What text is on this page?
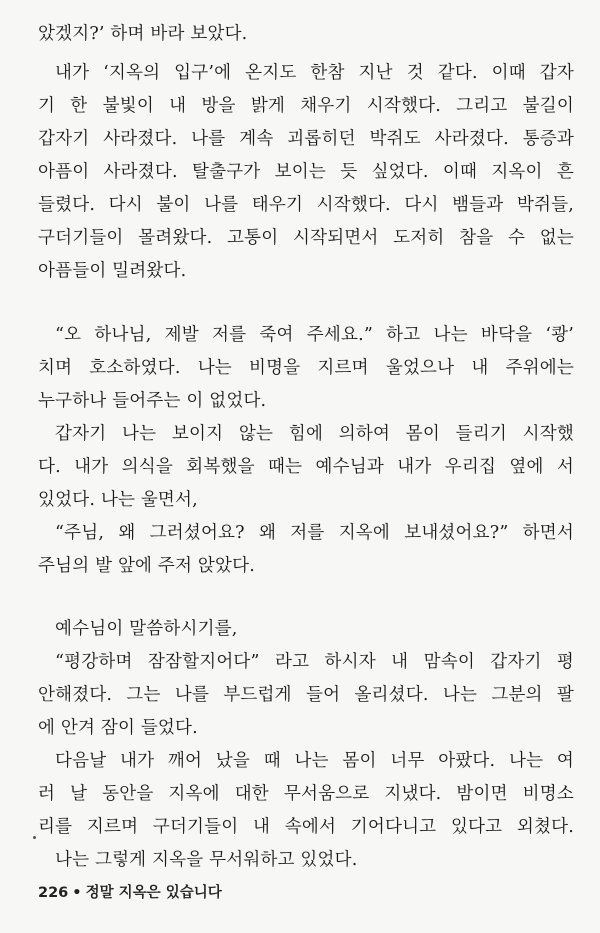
았겠지?’ 하며 바라 보았다.
내가 ‘지옥의 입구’에 온지도 한참 지난 것 같다. 이때 갑자
기 한 불빛이 내 방을 밝게 채우기 시작했다. 그리고 불길이
갑자기 사라졌다. 나를 계속 괴롭히던 박쥐도 사라졌다. 통증과
아픔이 사라졌다. 탈출구가 보이는 듯 싶었다. 이때 지옥이 흔
들렸다. 다시 불이 나를 태우기 시작했다. 다시 뱀들과 박쥐들,
구더기들이 몰려왔다. 고통이 시작되면서 도저히 참을 수 없는
아픔들이 밀려왔다.
“오 하나님, 제발 저를 죽여 주세요.” 하고 나는 바닥을 ‘쾅’
치며 호소하였다. 나는 비명을 지르며 울었으나 내 주위에는
누구하나 들어주는 이 없었다.
갑자기 나는 보이지 않는 힘에 의하여 몸이 들리기 시작했
다. 내가 의식을 회복했을 때는 예수님과 내가 우리집 옆에 서
있었다. 나는 울면서,
“주님, 왜 그러셨어요? 왜 저를 지옥에 보내셨어요?” 하면서
주님의 발 앞에 주저 앉았다.
예수님이 말씀하시기를,
“평강하며 잠잠할지어다” 라고 하시자 내 맘속이 갑자기 평
안해졌다. 그는 나를 부드럽게 들어 올리셨다. 나는 그분의 팔
에 안겨 잠이 들었다.
다음날 내가 깨어 났을 때 나는 몸이 너무 아팠다. 나는 여
러 날 동안을 지옥에 대한 무서움으로 지냈다. 밤이면 비명소
리를 지르며 구더기들이 내 속에서 기어다니고 있다고 외쳤다.
나는 그렇게 지옥을 무서워하고 있었다.
226 • 정말 지옥은 있습니다
